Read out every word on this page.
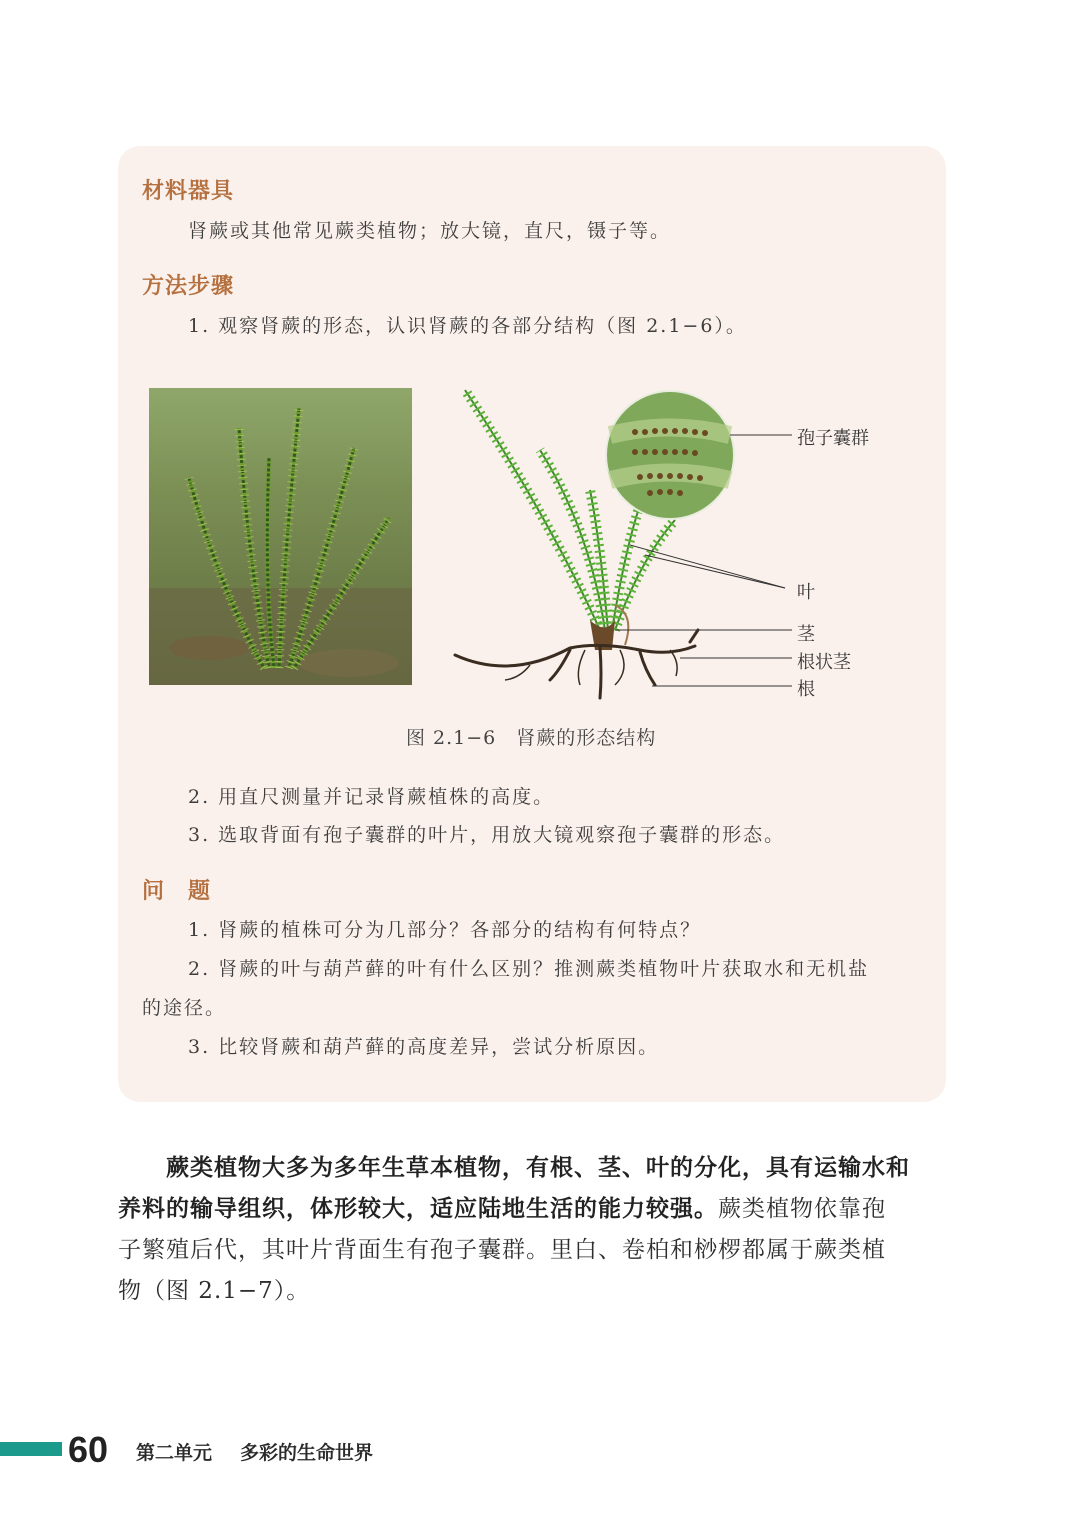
材料器具
肾蕨或其他常见蕨类植物；放大镜，直尺，镊子等。
方法步骤
1. 观察肾蕨的形态，认识肾蕨的各部分结构（图 2.1−6）。
孢子囊群
叶
茎
根状茎
根
图 2.1−6　肾蕨的形态结构
2. 用直尺测量并记录肾蕨植株的高度。
3. 选取背面有孢子囊群的叶片，用放大镜观察孢子囊群的形态。
问　题
1. 肾蕨的植株可分为几部分？各部分的结构有何特点？
2. 肾蕨的叶与葫芦藓的叶有什么区别？推测蕨类植物叶片获取水和无机盐
的途径。
3. 比较肾蕨和葫芦藓的高度差异，尝试分析原因。
蕨类植物大多为多年生草本植物，有根、茎、叶的分化，具有运输水和
养料的输导组织，体形较大，适应陆地生活的能力较强。蕨类植物依靠孢
子繁殖后代，其叶片背面生有孢子囊群。里白、卷柏和桫椤都属于蕨类植
物（图 2.1−7）。
60 第二单元 多彩的生命世界
